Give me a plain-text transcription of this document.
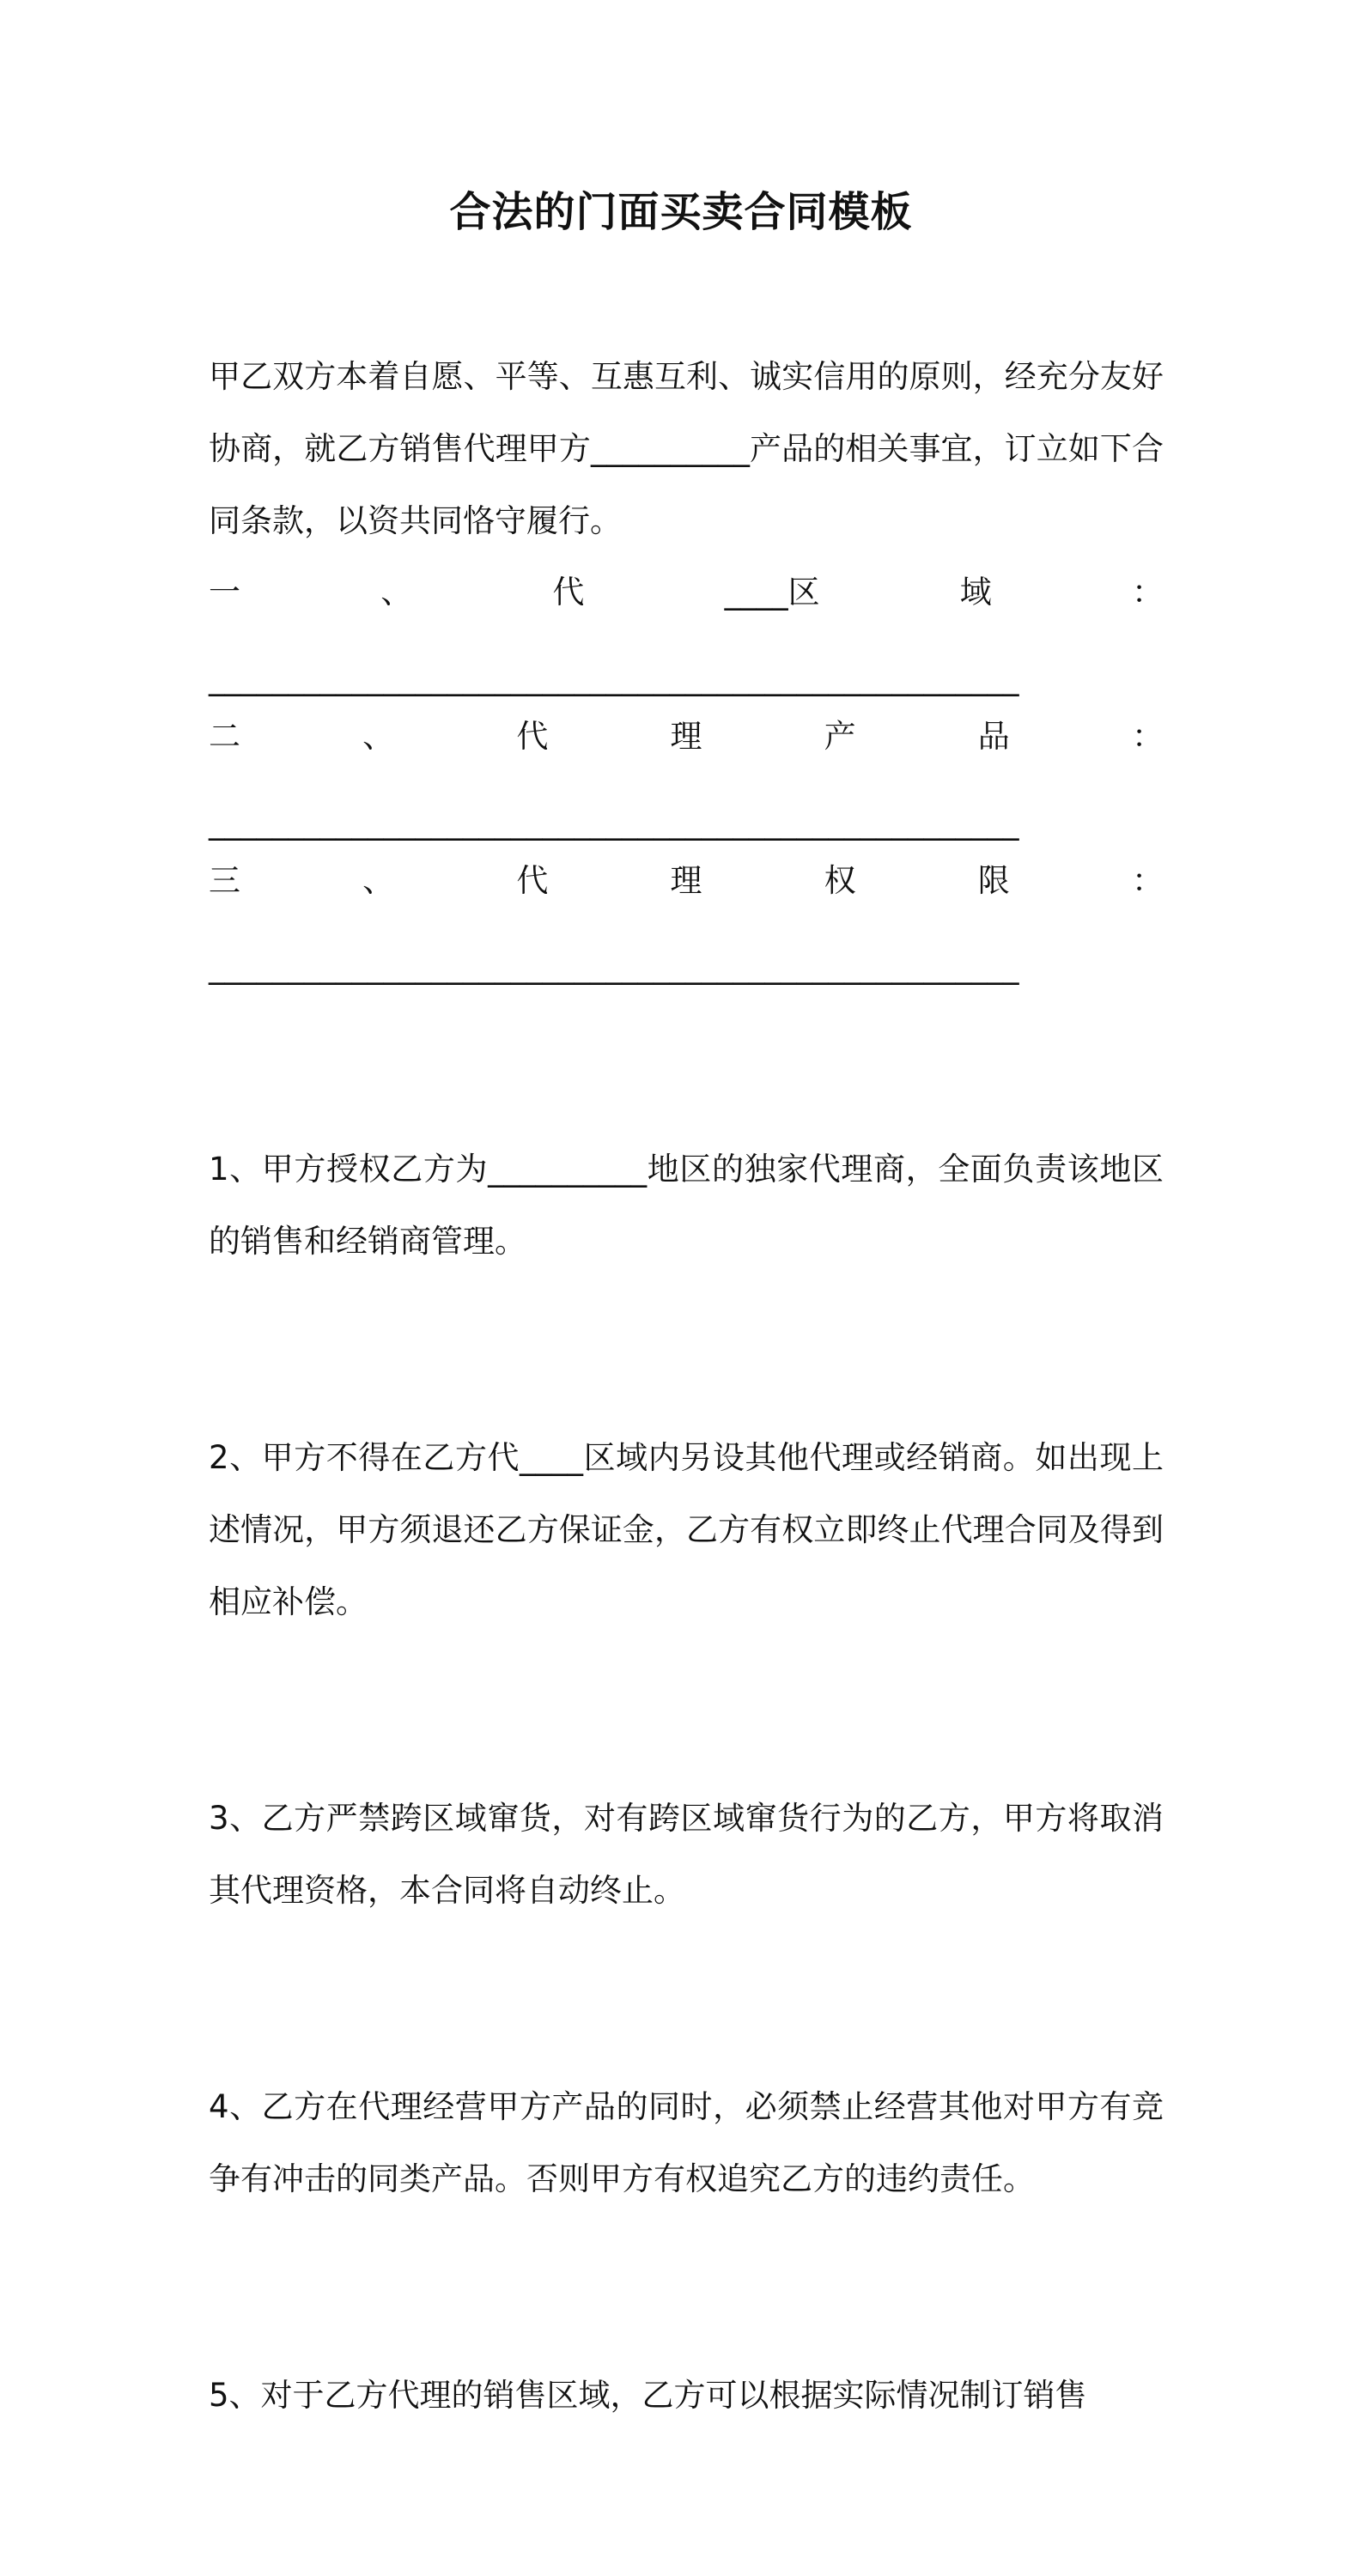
合法的门面买卖合同模板

甲乙双方本着自愿、平等、互惠互利、诚实信用的原则，经充分友好协商，就乙方销售代理甲方__________产品的相关事宜，订立如下合同条款，以资共同恪守履行。

一	、	代	____区	域	：
___________________________________________________
二	、	代	理	产	品	：
___________________________________________________
三	、	代	理	权	限	：
___________________________________________________

1、甲方授权乙方为__________地区的独家代理商，全面负责该地区的销售和经销商管理。

2、甲方不得在乙方代____区域内另设其他代理或经销商。如出现上述情况，甲方须退还乙方保证金，乙方有权立即终止代理合同及得到相应补偿。

3、乙方严禁跨区域窜货，对有跨区域窜货行为的乙方，甲方将取消其代理资格，本合同将自动终止。

4、乙方在代理经营甲方产品的同时，必须禁止经营其他对甲方有竞争有冲击的同类产品。否则甲方有权追究乙方的违约责任。

5、对于乙方代理的销售区域，乙方可以根据实际情况制订销售
